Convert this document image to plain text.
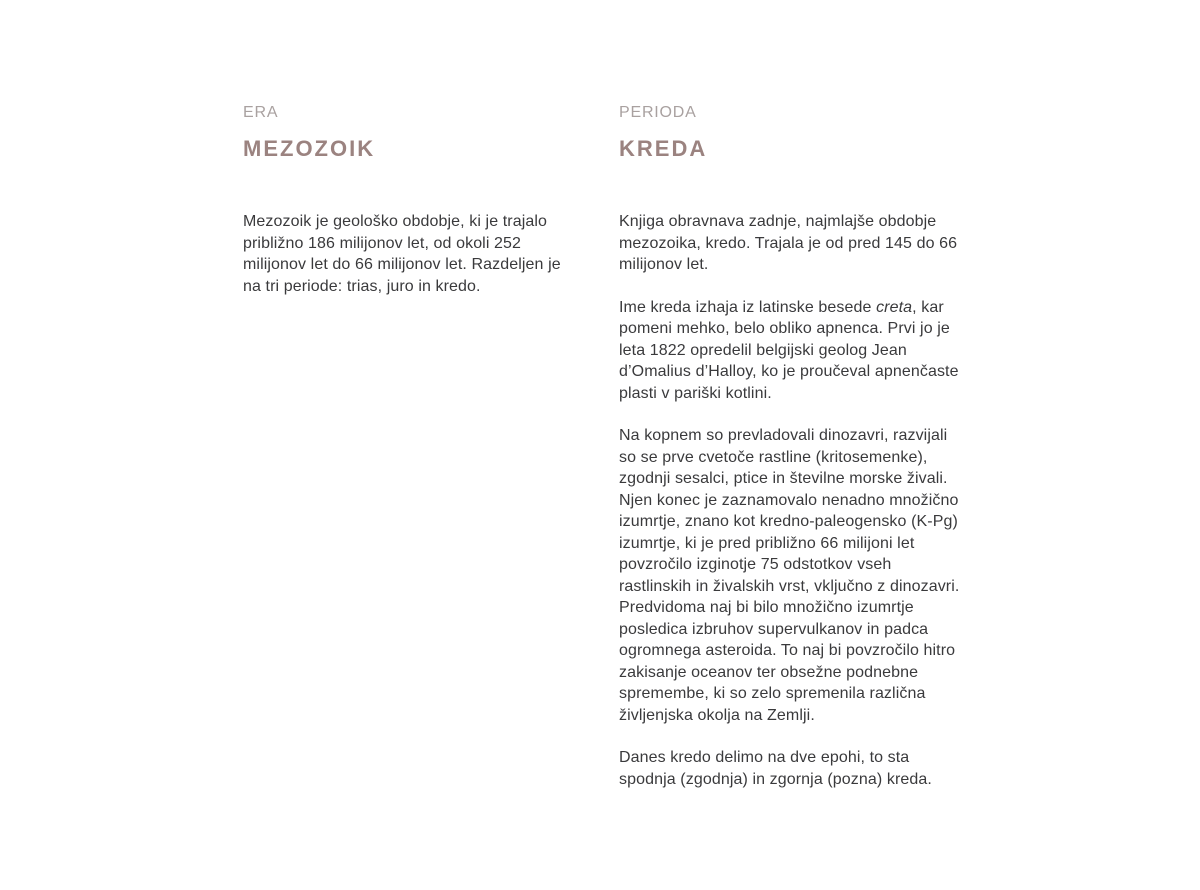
ERA
MEZOZOIK

Mezozoik je geološko obdobje, ki je trajalo približno 186 milijonov let, od okoli 252 milijonov let do 66 milijonov let. Razdeljen je na tri periode: trias, juro in kredo.

PERIODA
KREDA

Knjiga obravnava zadnje, najmlajše obdobje mezozoika, kredo. Trajala je od pred 145 do 66 milijonov let.

Ime kreda izhaja iz latinske besede creta, kar pomeni mehko, belo obliko apnenca. Prvi jo je leta 1822 opredelil belgijski geolog Jean d’Omalius d’Halloy, ko je proučeval apnenčaste plasti v pariški kotlini.

Na kopnem so prevladovali dinozavri, razvijali so se prve cvetoče rastline (kritosemenke), zgodnji sesalci, ptice in številne morske živali. Njen konec je zaznamovalo nenadno množično izumrtje, znano kot kredno-paleogensko (K-Pg) izumrtje, ki je pred približno 66 milijoni let povzročilo izginotje 75 odstotkov vseh rastlinskih in živalskih vrst, vključno z dinozavri. Predvidoma naj bi bilo množično izumrtje posledica izbruhov supervulkanov in padca ogromnega asteroida. To naj bi povzročilo hitro zakisanje oceanov ter obsežne podnebne spremembe, ki so zelo spremenila različna življenjska okolja na Zemlji.

Danes kredo delimo na dve epohi, to sta spodnja (zgodnja) in zgornja (pozna) kreda.
